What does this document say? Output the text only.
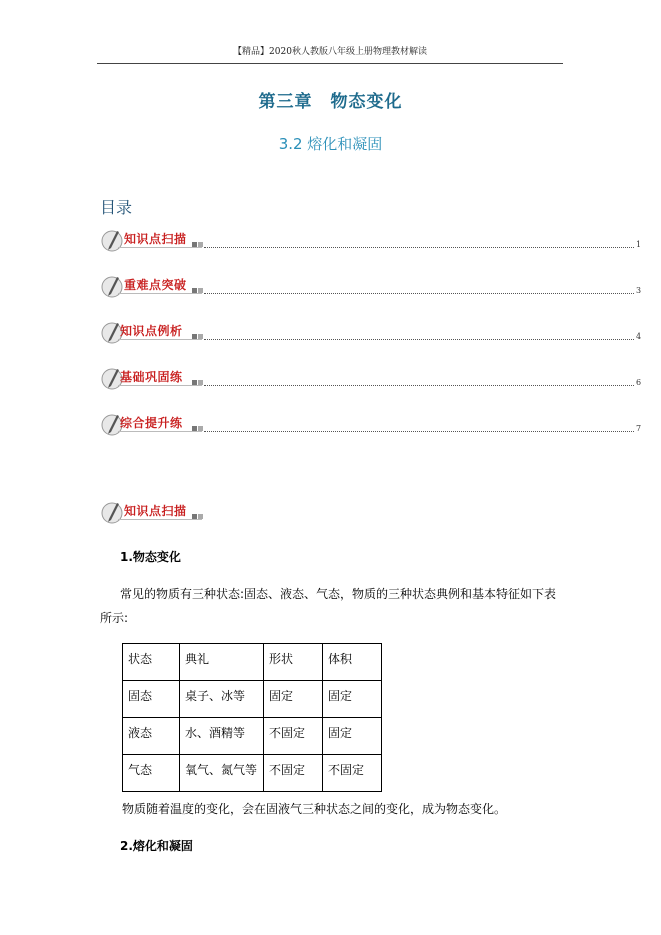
【精品】2020秋人教版八年级上册物理教材解读
第三章　物态变化
3.2 熔化和凝固
目录
知识点扫描	1
重难点突破	3
知识点例析	4
基础巩固练	6
综合提升练	7
知识点扫描
1.物态变化
常见的物质有三种状态:固态、液态、气态，物质的三种状态典例和基本特征如下表所示:
状态	典礼	形状	体积
固态	桌子、冰等	固定	固定
液态	水、酒精等	不固定	固定
气态	氧气、氮气等	不固定	不固定
物质随着温度的变化，会在固液气三种状态之间的变化，成为物态变化。
2.熔化和凝固
